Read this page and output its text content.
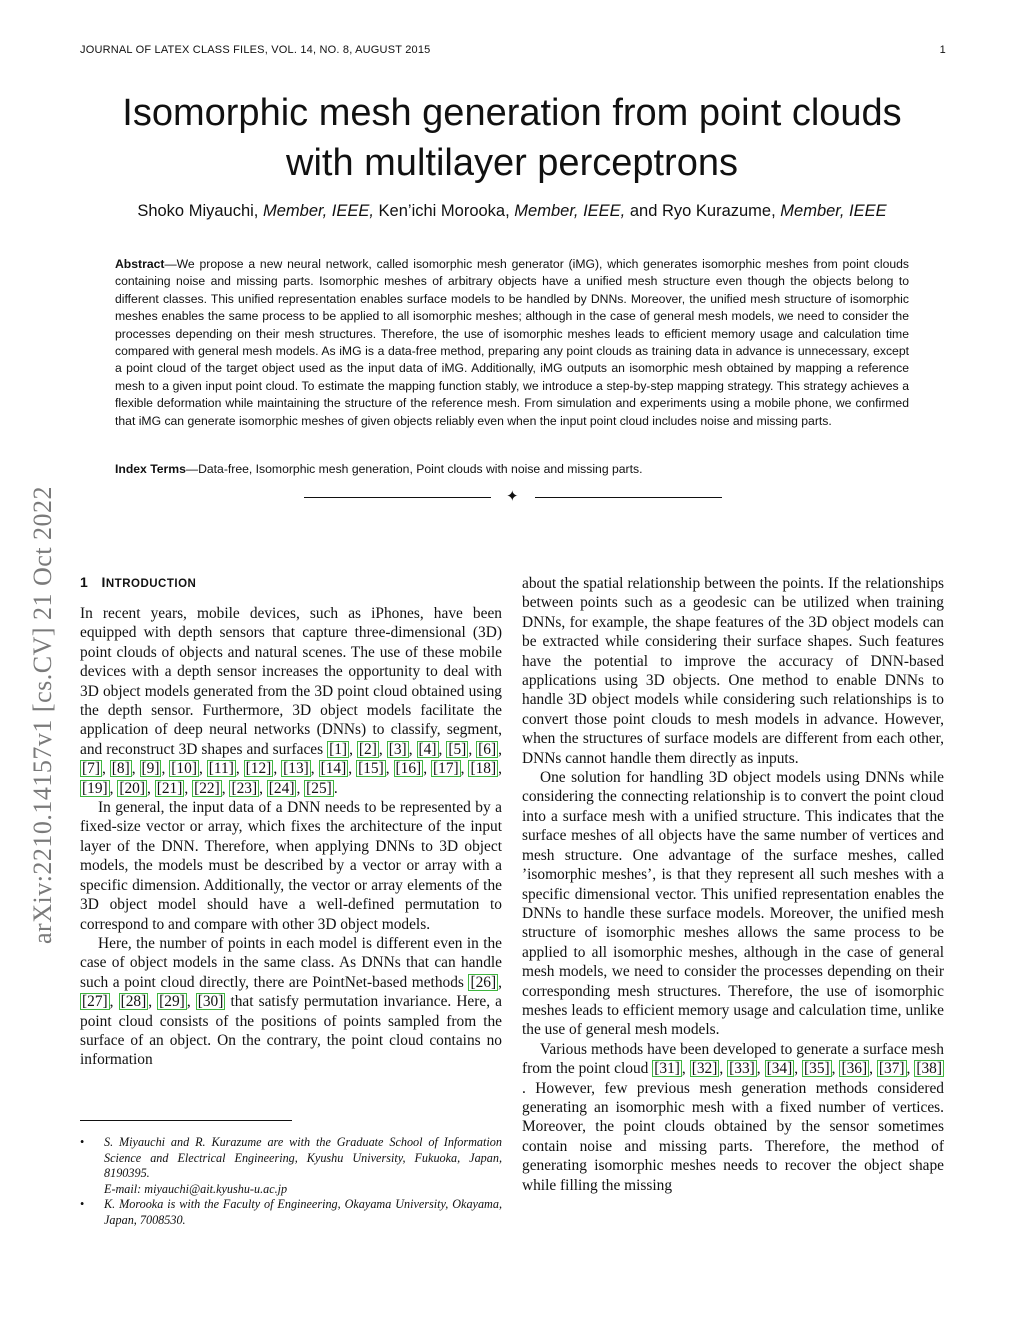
JOURNAL OF LATEX CLASS FILES, VOL. 14, NO. 8, AUGUST 2015	1
Isomorphic mesh generation from point clouds
with multilayer perceptrons
Shoko Miyauchi, Member, IEEE, Ken’ichi Morooka, Member, IEEE, and Ryo Kurazume, Member, IEEE
Abstract—We propose a new neural network, called isomorphic mesh generator (iMG), which generates isomorphic meshes from point clouds containing noise and missing parts. Isomorphic meshes of arbitrary objects have a unified mesh structure even though the objects belong to different classes. This unified representation enables surface models to be handled by DNNs. Moreover, the unified mesh structure of isomorphic meshes enables the same process to be applied to all isomorphic meshes; although in the case of general mesh models, we need to consider the processes depending on their mesh structures. Therefore, the use of isomorphic meshes leads to efficient memory usage and calculation time compared with general mesh models. As iMG is a data-free method, preparing any point clouds as training data in advance is unnecessary, except a point cloud of the target object used as the input data of iMG. Additionally, iMG outputs an isomorphic mesh obtained by mapping a reference mesh to a given input point cloud. To estimate the mapping function stably, we introduce a step-by-step mapping strategy. This strategy achieves a flexible deformation while maintaining the structure of the reference mesh. From simulation and experiments using a mobile phone, we confirmed that iMG can generate isomorphic meshes of given objects reliably even when the input point cloud includes noise and missing parts.
Index Terms—Data-free, Isomorphic mesh generation, Point clouds with noise and missing parts.
✦
arXiv:2210.14157v1 [cs.CV] 21 Oct 2022 1 INTRODUCTION

In recent years, mobile devices, such as iPhones, have been equipped with depth sensors that capture three-dimensional (3D) point clouds of objects and natural scenes. The use of these mobile devices with a depth sensor increases the opportunity to deal with 3D object models generated from the 3D point cloud obtained using the depth sensor. Furthermore, 3D object models facilitate the application of deep neural networks (DNNs) to classify, segment, and reconstruct 3D shapes and surfaces [1] , [2] , [3] , [4] , [5] , [6] , [7] , [8] , [9] , [10] , [11] , [12] , [13] , [14] , [15] , [16] , [17] , [18] , [19] , [20] , [21] , [22] , [23] , [24] , [25] .

In general, the input data of a DNN needs to be represented by a fixed-size vector or array, which fixes the architecture of the input layer of the DNN. Therefore, when applying DNNs to 3D object models, the models must be described by a vector or array with a specific dimension. Additionally, the vector or array elements of the 3D object model should have a well-defined permutation to correspond to and compare with other 3D object models.

Here, the number of points in each model is different even in the case of object models in the same class. As DNNs that can handle such a point cloud directly, there are PointNet-based methods [26] , [27] , [28] , [29] , [30] that satisfy permutation invariance. Here, a point cloud consists of the positions of points sampled from the surface of an object. On the contrary, the point cloud contains no information

• S. Miyauchi and R. Kurazume are with the Graduate School of Information Science and Electrical Engineering, Kyushu University, Fukuoka, Japan, 8190395.
E-mail: miyauchi@ait.kyushu-u.ac.jp
• K. Morooka is with the Faculty of Engineering, Okayama University, Okayama, Japan, 7008530.

about the spatial relationship between the points. If the relationships between points such as a geodesic can be utilized when training DNNs, for example, the shape features of the 3D object models can be extracted while considering their surface shapes. Such features have the potential to improve the accuracy of DNN-based applications using 3D objects. One method to enable DNNs to handle 3D object models while considering such relationships is to convert those point clouds to mesh models in advance. However, when the structures of surface models are different from each other, DNNs cannot handle them directly as inputs.

One solution for handling 3D object models using DNNs while considering the connecting relationship is to convert the point cloud into a surface mesh with a unified structure. This indicates that the surface meshes of all objects have the same number of vertices and mesh structure. One advantage of the surface meshes, called ’isomorphic meshes’, is that they represent all such meshes with a specific dimensional vector. This unified representation enables the DNNs to handle these surface models. Moreover, the unified mesh structure of isomorphic meshes allows the same process to be applied to all isomorphic meshes, although in the case of general mesh models, we need to consider the processes depending on their corresponding mesh structures. Therefore, the use of isomorphic meshes leads to efficient memory usage and calculation time, unlike the use of general mesh models.

Various methods have been developed to generate a surface mesh from the point cloud [31] , [32] , [33] , [34] , [35] , [36] , [37] , [38]. However, few previous mesh generation methods considered generating an isomorphic mesh with a fixed number of vertices. Moreover, the point clouds obtained by the sensor sometimes contain noise and missing parts. Therefore, the method of generating isomorphic meshes needs to recover the object shape while filling the missing
